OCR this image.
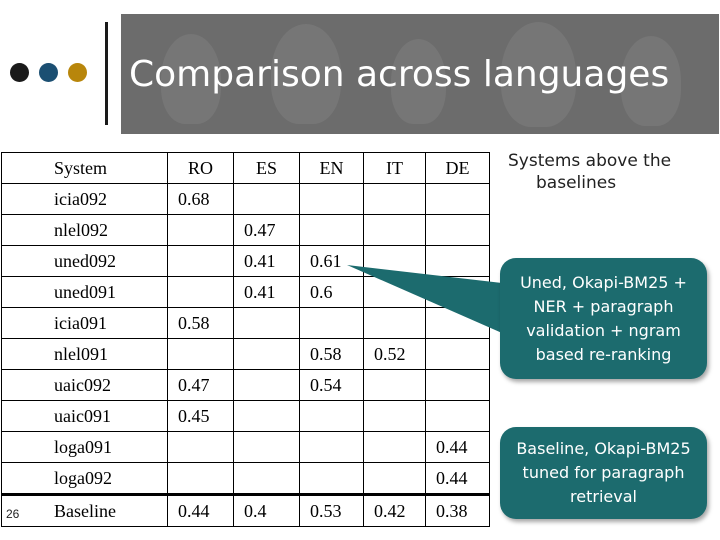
Comparison across languages
System	RO	ES	EN	IT	DE
icia092	0.68				
nlel092		0.47			
uned092		0.41	0.61		
uned091		0.41	0.6		
icia091	0.58				
nlel091			0.58	0.52	
uaic092	0.47		0.54		
uaic091	0.45				
loga091					0.44
loga092					0.44
Baseline	0.44	0.4	0.53	0.42	0.38
26
Systems above the
baselines
Uned, Okapi-BM25 +
NER + paragraph
validation + ngram
based re-ranking
Baseline, Okapi-BM25
tuned for paragraph
retrieval
